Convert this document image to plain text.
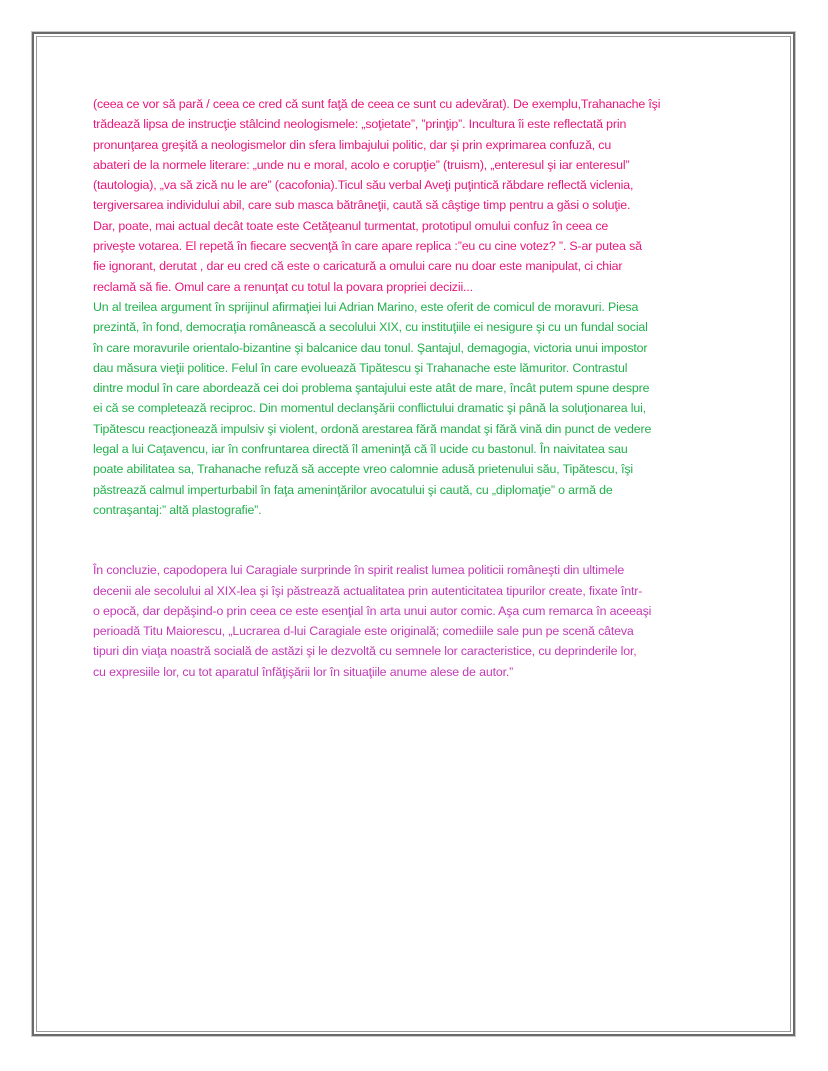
(ceea ce vor să pară / ceea ce cred că sunt faţă de ceea ce sunt cu adevărat). De exemplu,Trahanache îşi
trădează lipsa de instrucţie stâlcind neologismele: „soţietate”, ”prinţip”. Incultura îi este reflectată prin
pronunţarea greşită a neologismelor din sfera limbajului politic, dar şi prin exprimarea confuză, cu
abateri de la normele literare: „unde nu e moral, acolo e corupţie” (truism), „enteresul şi iar enteresul”
(tautologia), „va să zică nu le are” (cacofonia).Ticul său verbal Aveţi puţintică răbdare reflectă viclenia,
tergiversarea individului abil, care sub masca bătrâneţii, caută să câştige timp pentru a găsi o soluţie.
Dar, poate, mai actual decât toate este Cetăţeanul turmentat, prototipul omului confuz în ceea ce
priveşte votarea. El repetă în fiecare secvenţă în care apare replica :”eu cu cine votez? ”. S-ar putea să
fie ignorant, derutat , dar eu cred că este o caricatură a omului care nu doar este manipulat, ci chiar
reclamă să fie. Omul care a renunţat cu totul la povara propriei decizii...
Un al treilea argument în sprijinul afirmaţiei lui Adrian Marino, este oferit de comicul de moravuri. Piesa
prezintă, în fond, democraţia românească a secolului XIX, cu instituţiile ei nesigure şi cu un fundal social
în care moravurile orientalo-bizantine şi balcanice dau tonul. Şantajul, demagogia, victoria unui impostor
dau măsura vieţii politice. Felul în care evoluează Tipătescu şi Trahanache este lămuritor. Contrastul
dintre modul în care abordează cei doi problema şantajului este atât de mare, încât putem spune despre
ei că se completează reciproc. Din momentul declanşării conflictului dramatic şi până la soluţionarea lui,
Tipătescu reacţionează impulsiv şi violent, ordonă arestarea fără mandat şi fără vină din punct de vedere
legal a lui Caţavencu, iar în confruntarea directă îl ameninţă că îl ucide cu bastonul. În naivitatea sau
poate abilitatea sa, Trahanache refuză să accepte vreo calomnie adusă prietenului său, Tipătescu, îşi
păstrează calmul imperturbabil în faţa ameninţărilor avocatului şi caută, cu „diplomaţie” o armă de
contraşantaj:” altă plastografie”.
În concluzie, capodopera lui Caragiale surprinde în spirit realist lumea politicii româneşti din ultimele
decenii ale secolului al XIX-lea şi îşi păstrează actualitatea prin autenticitatea tipurilor create, fixate într-
o epocă, dar depăşind-o prin ceea ce este esenţial în arta unui autor comic. Aşa cum remarca în aceeaşi
perioadă Titu Maiorescu, „Lucrarea d-lui Caragiale este originală; comediile sale pun pe scenă câteva
tipuri din viaţa noastră socială de astăzi şi le dezvoltă cu semnele lor caracteristice, cu deprinderile lor,
cu expresiile lor, cu tot aparatul înfăţişării lor în situaţiile anume alese de autor.”
